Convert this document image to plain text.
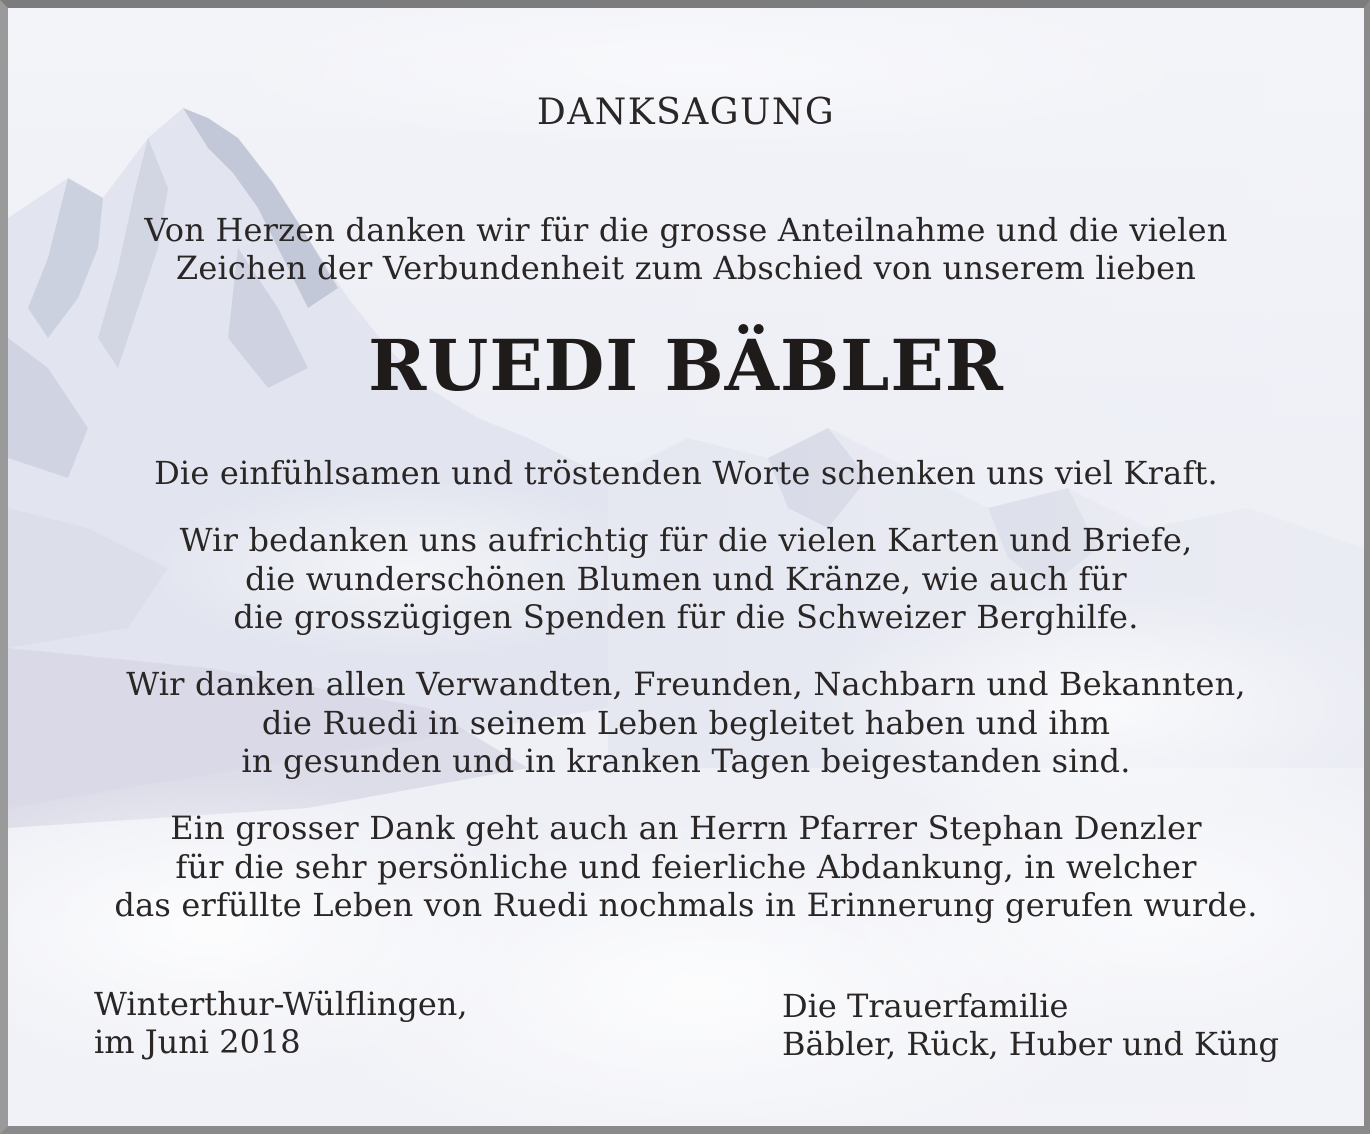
DANKSAGUNG
Von Herzen danken wir für die grosse Anteilnahme und die vielen
Zeichen der Verbundenheit zum Abschied von unserem lieben
RUEDI BÄBLER
Die einfühlsamen und tröstenden Worte schenken uns viel Kraft.
Wir bedanken uns aufrichtig für die vielen Karten und Briefe,
die wunderschönen Blumen und Kränze, wie auch für
die grosszügigen Spenden für die Schweizer Berghilfe.
Wir danken allen Verwandten, Freunden, Nachbarn und Bekannten,
die Ruedi in seinem Leben begleitet haben und ihm
in gesunden und in kranken Tagen beigestanden sind.
Ein grosser Dank geht auch an Herrn Pfarrer Stephan Denzler
für die sehr persönliche und feierliche Abdankung, in welcher
das erfüllte Leben von Ruedi nochmals in Erinnerung gerufen wurde.
Winterthur-Wülflingen,
im Juni 2018
Die Trauerfamilie
Bäbler, Rück, Huber und Küng
